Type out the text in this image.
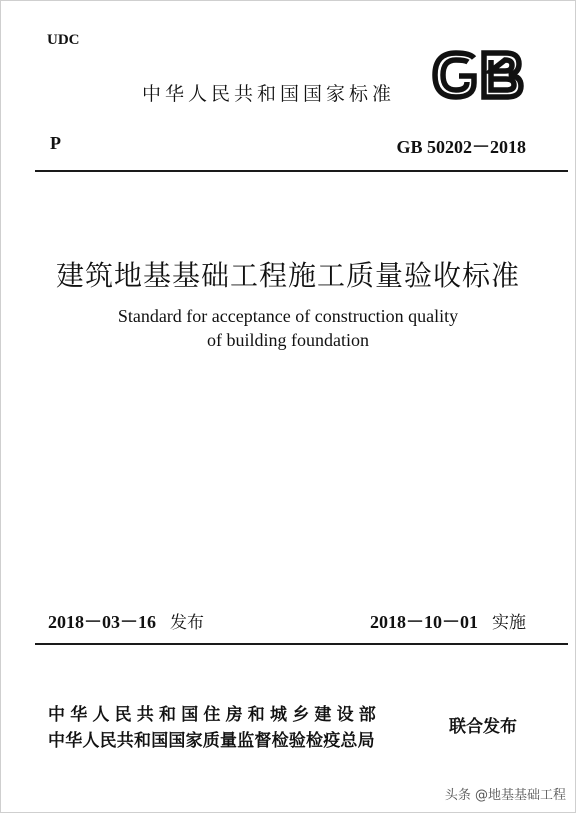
UDC
中华人民共和国国家标准
P	GB 50202－2018
建筑地基基础工程施工质量验收标准
Standard for acceptance of construction quality
of building foundation
2018－03－16 发布	2018－10－01 实施
中华人民共和国住房和城乡建设部
中华人民共和国国家质量监督检验检疫总局
联合发布
头条 @地基基础工程
